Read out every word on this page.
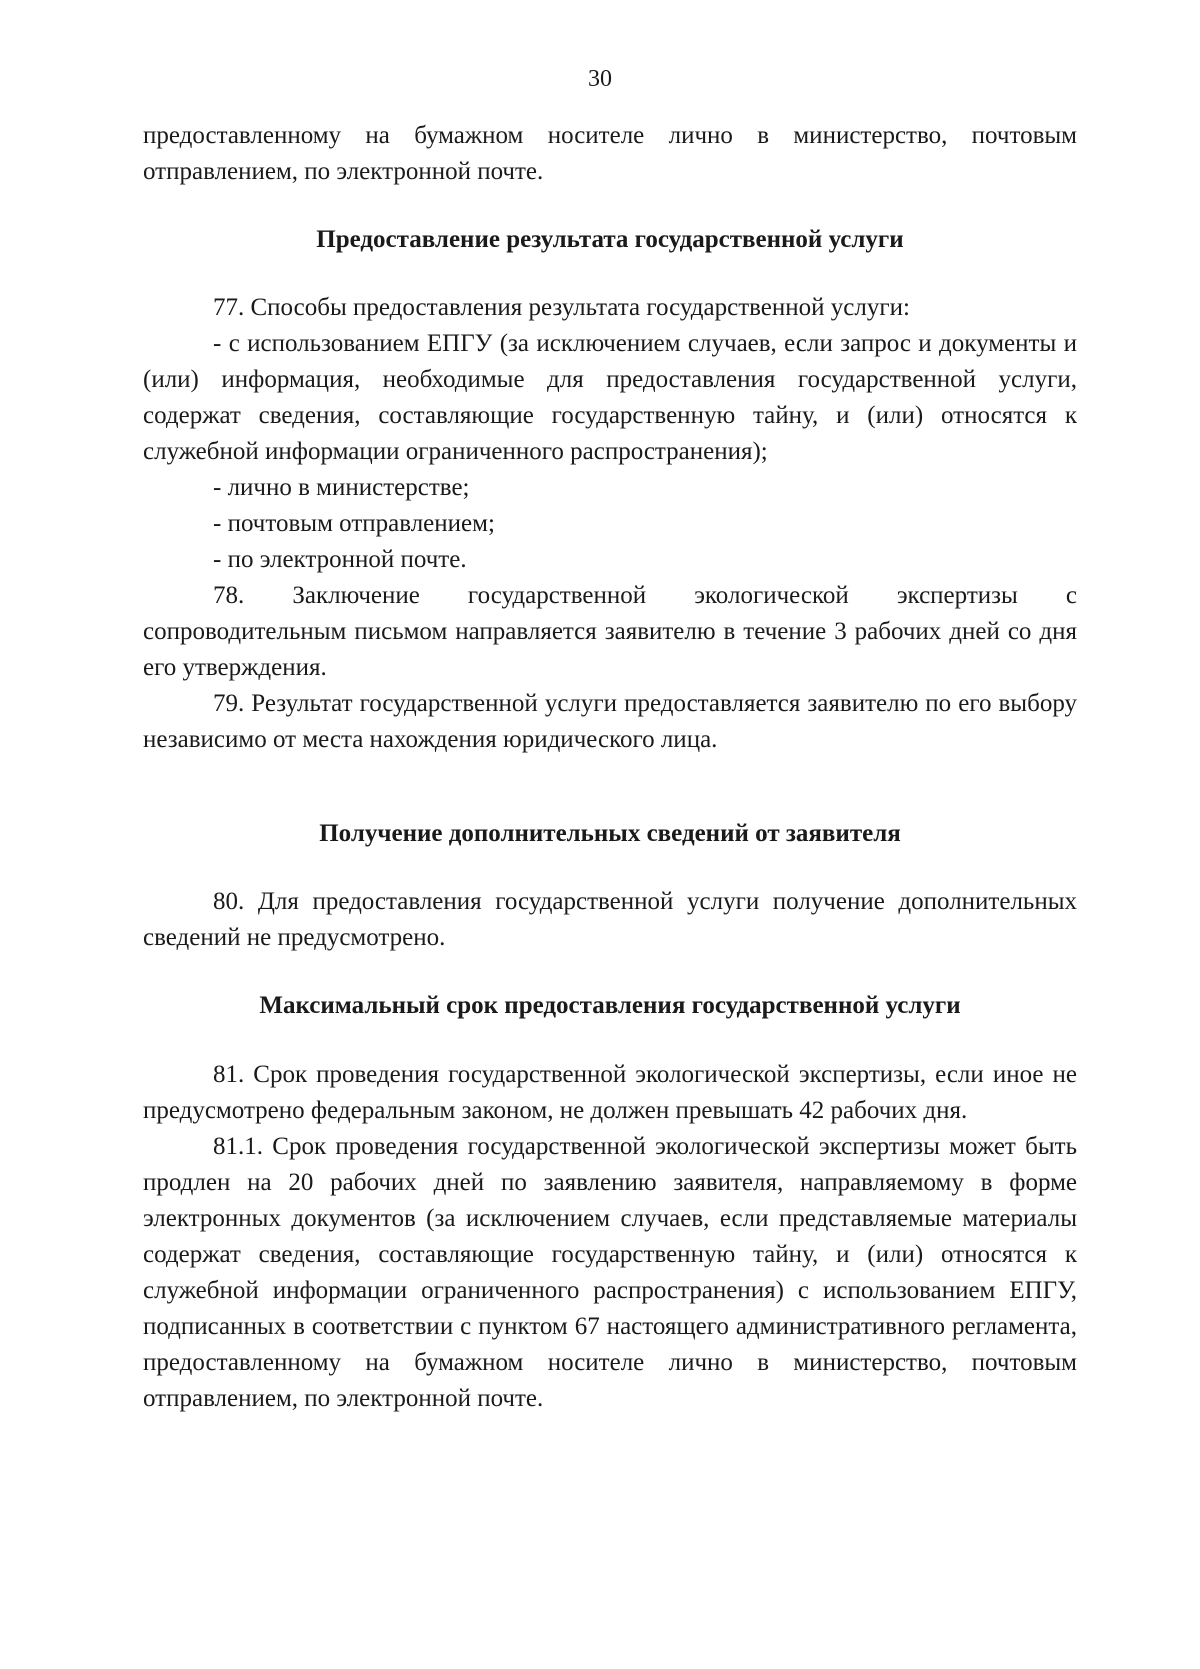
30

предоставленному на бумажном носителе лично в министерство, почтовым

отправлением, по электронной почте.

Предоставление результата государственной услуги

77. Способы предоставления результата государственной услуги:

- с использованием ЕПГУ (за исключением случаев, если запрос и документы и (или) информация, необходимые для предоставления государственной услуги, содержат сведения, составляющие государственную тайну, и (или) относятся к служебной информации ограниченного распространения);

- лично в министерстве;

- почтовым отправлением;

- по электронной почте.

78. Заключение государственной экологической экспертизы с сопроводительным письмом направляется заявителю в течение 3 рабочих дней со дня его утверждения.

79. Результат государственной услуги предоставляется заявителю по его выбору независимо от места нахождения юридического лица.

Получение дополнительных сведений от заявителя

80. Для предоставления государственной услуги получение дополнительных сведений не предусмотрено.

Максимальный срок предоставления государственной услуги

81. Срок проведения государственной экологической экспертизы, если иное не предусмотрено федеральным законом, не должен превышать 42 рабочих дня.

81.1. Срок проведения государственной экологической экспертизы может быть продлен на 20 рабочих дней по заявлению заявителя, направляемому в форме электронных документов (за исключением случаев, если представляемые материалы содержат сведения, составляющие государственную тайну, и (или) относятся к служебной информации ограниченного распространения) с использованием ЕПГУ, подписанных в соответствии с пунктом 67 настоящего административного регламента, предоставленному на бумажном носителе лично в министерство, почтовым отправлением, по электронной почте.
